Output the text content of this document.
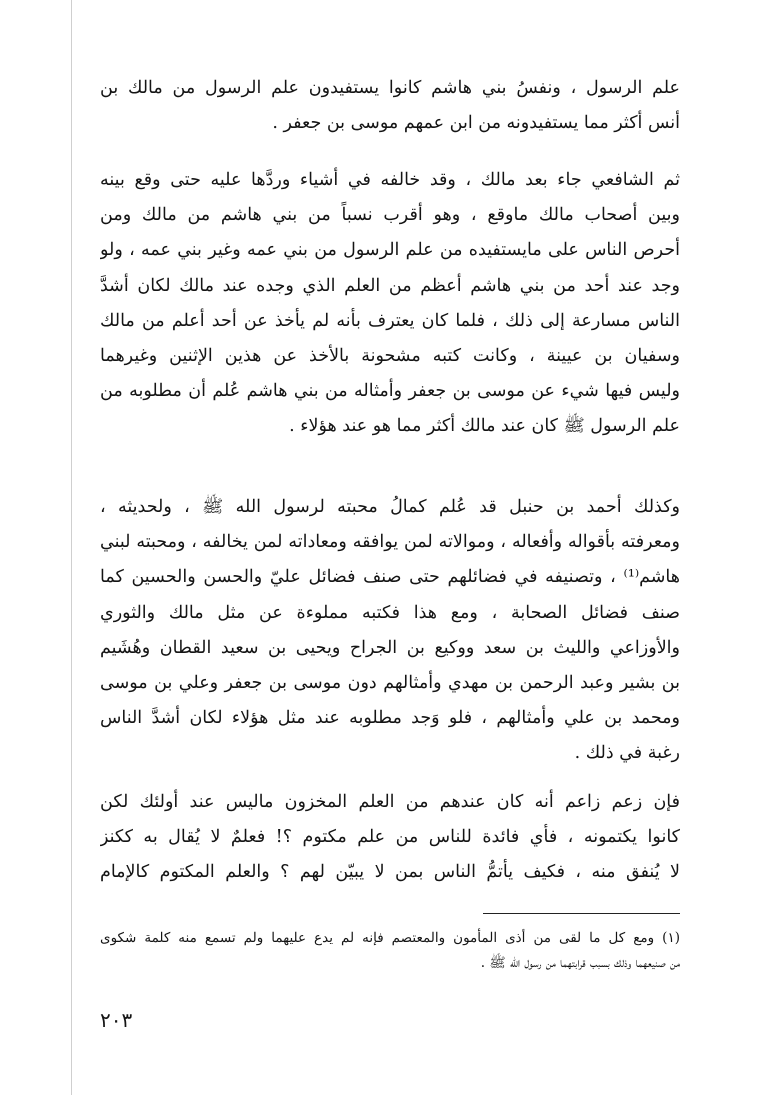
علم الرسول ، ونفسُ بني هاشم كانوا يستفيدون علم الرسول من مالك بن
أنس أكثر مما يستفيدونه من ابن عمهم موسى بن جعفر .
ثم الشافعي جاء بعد مالك ، وقد خالفه في أشياء وردَّها عليه حتى وقع بينه
وبين أصحاب مالك ماوقع ، وهو أقرب نسباً من بني هاشم من مالك ومن
أحرص الناس على مايستفيده من علم الرسول من بني عمه وغير بني عمه ، ولو
وجد عند أحد من بني هاشم أعظم من العلم الذي وجده عند مالك لكان أشدَّ
الناس مسارعة إلى ذلك ، فلما كان يعترف بأنه لم يأخذ عن أحد أعلم من مالك
وسفيان بن عيينة ، وكانت كتبه مشحونة بالأخذ عن هذين الإثنين وغيرهما
وليس فيها شيء عن موسى بن جعفر وأمثاله من بني هاشم عُلم أن مطلوبه من
علم الرسول ﷺ كان عند مالك أكثر مما هو عند هؤلاء .
وكذلك أحمد بن حنبل قد عُلم كمالُ محبته لرسول الله ﷺ ، ولحديثه ،
ومعرفته بأقواله وأفعاله ، وموالاته لمن يوافقه ومعاداته لمن يخالفه ، ومحبته لبني
هاشم⁽¹⁾ ، وتصنيفه في فضائلهم حتى صنف فضائل عليّ والحسن والحسين كما
صنف فضائل الصحابة ، ومع هذا فكتبه مملوءة عن مثل مالك والثوري
والأوزاعي والليث بن سعد ووكيع بن الجراح ويحيى بن سعيد القطان وهُشَيم
بن بشير وعبد الرحمن بن مهدي وأمثالهم دون موسى بن جعفر وعلي بن موسى
ومحمد بن علي وأمثالهم ، فلو وَجد مطلوبه عند مثل هؤلاء لكان أشدَّ الناس
رغبة في ذلك .
فإن زعم زاعم أنه كان عندهم من العلم المخزون ماليس عند أولئك لكن
كانوا يكتمونه ، فأي فائدة للناس من علم مكتوم ؟! فعلمٌ لا يُقال به ككنز
لا يُنفق منه ، فكيف يأتمُّ الناس بمن لا يبيّن لهم ؟ والعلم المكتوم كالإمام
(١) ومع كل ما لقى من أذى المأمون والمعتصم فإنه لم يدع عليهما ولم تسمع منه كلمة شكوى
من صنيعهما وذلك بسبب قرابتهما من رسول الله ﷺ .
٢٠٣
